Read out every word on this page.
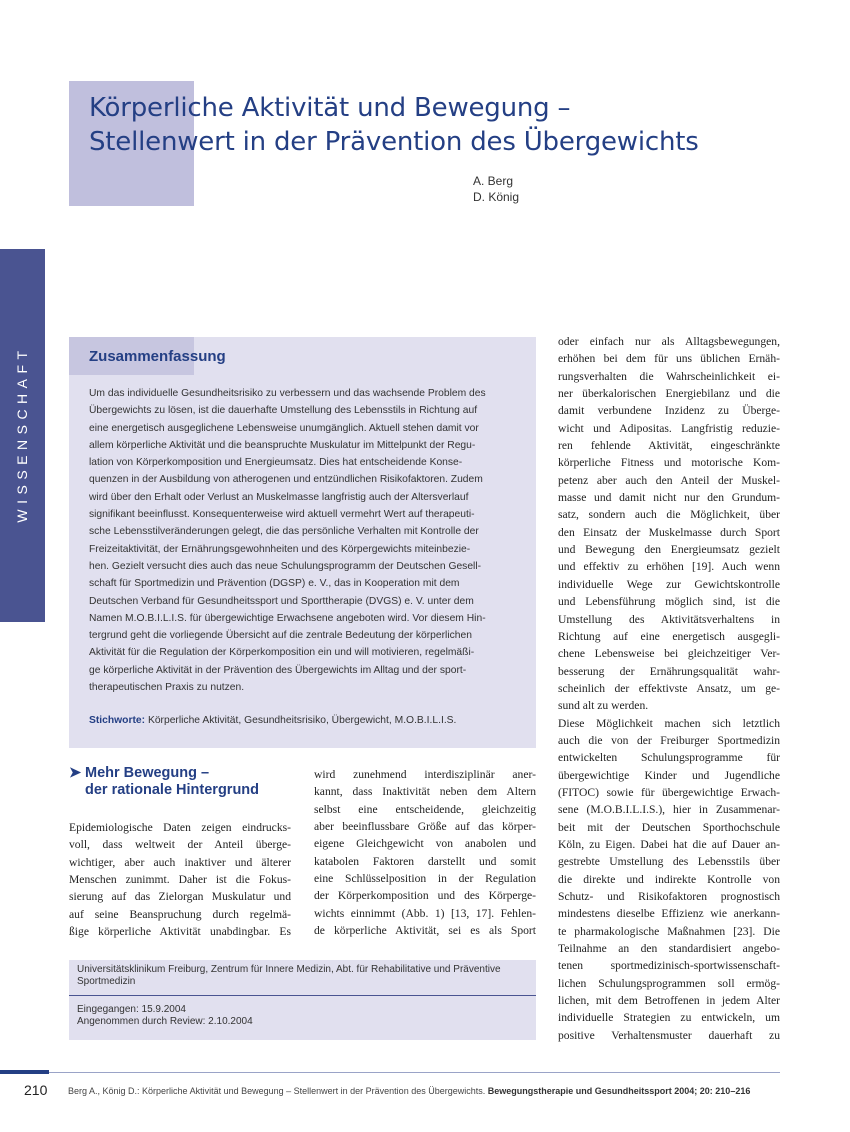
Körperliche Aktivität und Bewegung –
Stellenwert in der Prävention des Übergewichts
A. Berg
D. König
WISSENSCHAFT	Zusammenfassung
Um das individuelle Gesundheitsrisiko zu verbessern und das wachsende Problem des
Übergewichts zu lösen, ist die dauerhafte Umstellung des Lebensstils in Richtung auf
eine energetisch ausgeglichene Lebensweise unumgänglich. Aktuell stehen damit vor
allem körperliche Aktivität und die beanspruchte Muskulatur im Mittelpunkt der Regu-
lation von Körperkomposition und Energieumsatz. Dies hat entscheidende Konse-
quenzen in der Ausbildung von atherogenen und entzündlichen Risikofaktoren. Zudem
wird über den Erhalt oder Verlust an Muskelmasse langfristig auch der Altersverlauf
signifikant beeinflusst. Konsequenterweise wird aktuell vermehrt Wert auf therapeuti-
sche Lebensstilveränderungen gelegt, die das persönliche Verhalten mit Kontrolle der
Freizeitaktivität, der Ernährungsgewohnheiten und des Körpergewichts miteinbezie-
hen. Gezielt versucht dies auch das neue Schulungsprogramm der Deutschen Gesell-
schaft für Sportmedizin und Prävention (DGSP) e. V., das in Kooperation mit dem
Deutschen Verband für Gesundheitssport und Sporttherapie (DVGS) e. V. unter dem
Namen M.O.B.I.L.I.S. für übergewichtige Erwachsene angeboten wird. Vor diesem Hin-
tergrund geht die vorliegende Übersicht auf die zentrale Bedeutung der körperlichen
Aktivität für die Regulation der Körperkomposition ein und will motivieren, regelmäßi-
ge körperliche Aktivität in der Prävention des Übergewichts im Alltag und der sport-
therapeutischen Praxis zu nutzen.
Stichworte: Körperliche Aktivität, Gesundheitsrisiko, Übergewicht, M.O.B.I.L.I.S.
➤ Mehr Bewegung –
der rationale Hintergrund
Epidemiologische Daten zeigen eindrucks-
voll, dass weltweit der Anteil überge-
wichtiger, aber auch inaktiver und älterer
Menschen zunimmt. Daher ist die Fokus-
sierung auf das Zielorgan Muskulatur und
auf seine Beanspruchung durch regelmä-
ßige körperliche Aktivität unabdingbar. Es
wird zunehmend interdisziplinär aner-
kannt, dass Inaktivität neben dem Altern
selbst eine entscheidende, gleichzeitig
aber beeinflussbare Größe auf das körper-
eigene Gleichgewicht von anabolen und
katabolen Faktoren darstellt und somit
eine Schlüsselposition in der Regulation
der Körperkomposition und des Körperge-
wichts einnimmt (Abb. 1) [13, 17]. Fehlen-
de körperliche Aktivität, sei es als Sport
oder einfach nur als Alltagsbewegungen,
erhöhen bei dem für uns üblichen Ernäh-
rungsverhalten die Wahrscheinlichkeit ei-
ner überkalorischen Energiebilanz und die
damit verbundene Inzidenz zu Überge-
wicht und Adipositas. Langfristig reduzie-
ren fehlende Aktivität, eingeschränkte
körperliche Fitness und motorische Kom-
petenz aber auch den Anteil der Muskel-
masse und damit nicht nur den Grundum-
satz, sondern auch die Möglichkeit, über
den Einsatz der Muskelmasse durch Sport
und Bewegung den Energieumsatz gezielt
und effektiv zu erhöhen [19]. Auch wenn
individuelle Wege zur Gewichtskontrolle
und Lebensführung möglich sind, ist die
Umstellung des Aktivitätsverhaltens in
Richtung auf eine energetisch ausgegli-
chene Lebensweise bei gleichzeitiger Ver-
besserung der Ernährungsqualität wahr-
scheinlich der effektivste Ansatz, um ge-
sund alt zu werden.
Diese Möglichkeit machen sich letztlich
auch die von der Freiburger Sportmedizin
entwickelten Schulungsprogramme für
übergewichtige Kinder und Jugendliche
(FITOC) sowie für übergewichtige Erwach-
sene (M.O.B.I.L.I.S.), hier in Zusammenar-
beit mit der Deutschen Sporthochschule
Köln, zu Eigen. Dabei hat die auf Dauer an-
gestrebte Umstellung des Lebensstils über
die direkte und indirekte Kontrolle von
Schutz- und Risikofaktoren prognostisch
mindestens dieselbe Effizienz wie anerkann-
te pharmakologische Maßnahmen [23]. Die
Teilnahme an den standardisiert angebo-
tenen sportmedizinisch-sportwissenschaft-
lichen Schulungsprogrammen soll ermög-
lichen, mit dem Betroffenen in jedem Alter
individuelle Strategien zu entwickeln, um
positive Verhaltensmuster dauerhaft zu
Universitätsklinikum Freiburg, Zentrum für Innere Medizin, Abt. für Rehabilitative und Präventive Sportmedizin
Eingegangen: 15.9.2004
Angenommen durch Review: 2.10.2004
210 Berg A., König D.: Körperliche Aktivität und Bewegung – Stellenwert in der Prävention des Übergewichts. Bewegungstherapie und Gesundheitssport 2004; 20: 210–216
